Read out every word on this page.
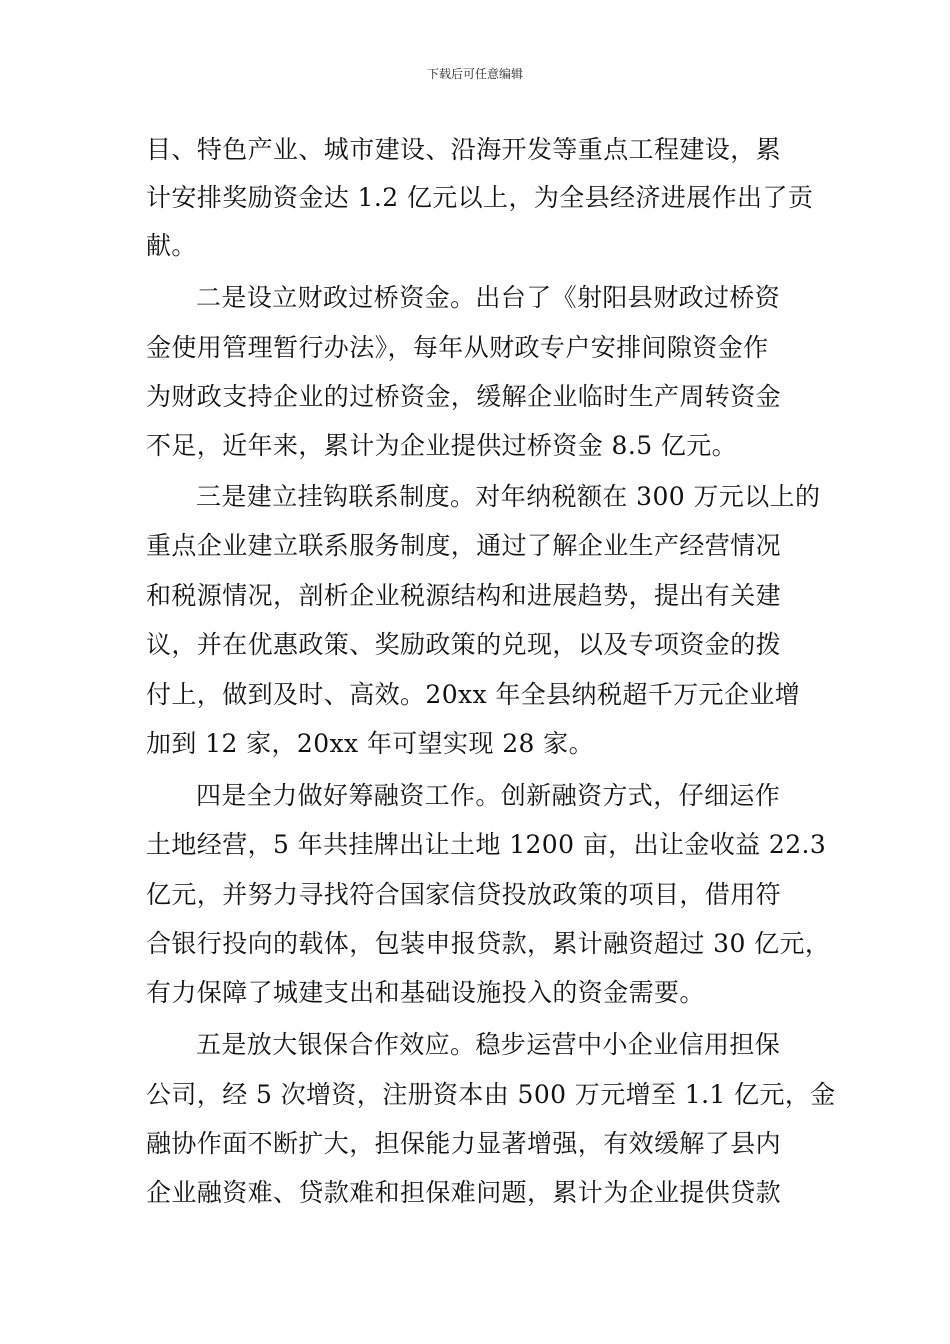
下载后可任意编辑
目、特色产业、城市建设、沿海开发等重点工程建设，累
计安排奖励资金达 1.2 亿元以上，为全县经济进展作出了贡
献。
二是设立财政过桥资金。出台了《射阳县财政过桥资
金使用管理暂行办法》，每年从财政专户安排间隙资金作
为财政支持企业的过桥资金，缓解企业临时生产周转资金
不足，近年来，累计为企业提供过桥资金 8.5 亿元。
三是建立挂钩联系制度。对年纳税额在 300 万元以上的
重点企业建立联系服务制度，通过了解企业生产经营情况
和税源情况，剖析企业税源结构和进展趋势，提出有关建
议，并在优惠政策、奖励政策的兑现，以及专项资金的拨
付上，做到及时、高效。20xx 年全县纳税超千万元企业增
加到 12 家，20xx 年可望实现 28 家。
四是全力做好筹融资工作。创新融资方式，仔细运作
土地经营，5 年共挂牌出让土地 1200 亩，出让金收益 22.3
亿元，并努力寻找符合国家信贷投放政策的项目，借用符
合银行投向的载体，包装申报贷款，累计融资超过 30 亿元，
有力保障了城建支出和基础设施投入的资金需要。
五是放大银保合作效应。稳步运营中小企业信用担保
公司，经 5 次增资，注册资本由 500 万元增至 1.1 亿元，金
融协作面不断扩大，担保能力显著增强，有效缓解了县内
企业融资难、贷款难和担保难问题，累计为企业提供贷款
